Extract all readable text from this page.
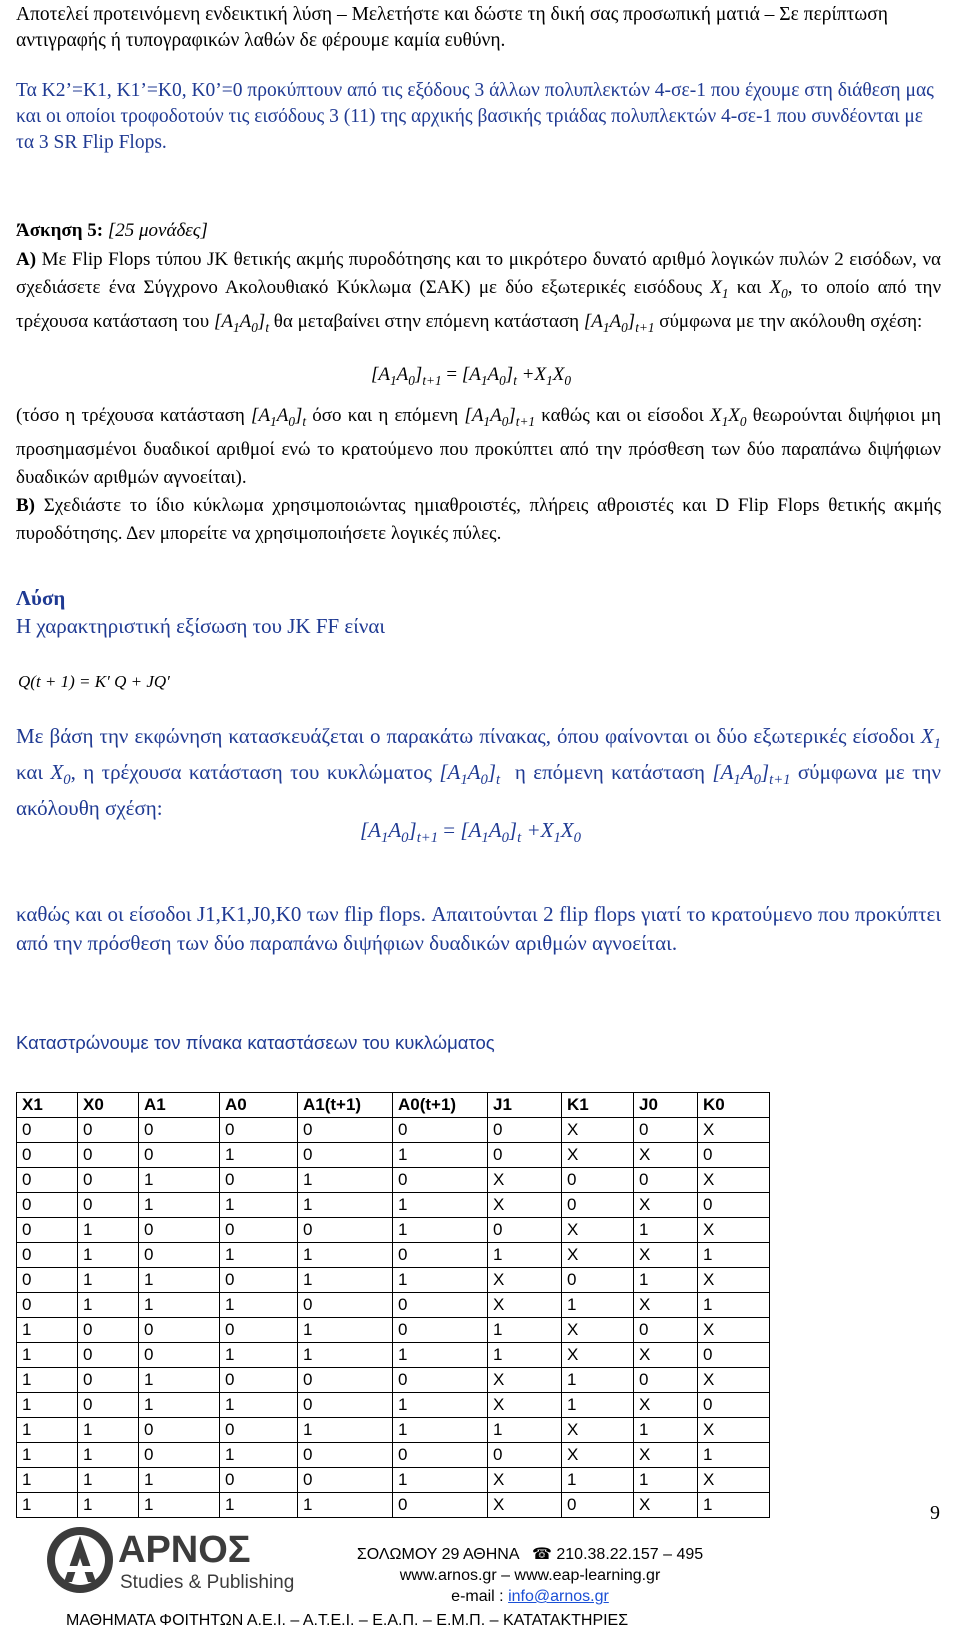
Αποτελεί προτεινόμενη ενδεικτική λύση – Μελετήστε και δώστε τη δική σας προσωπική ματιά – Σε περίπτωση αντιγραφής ή τυπογραφικών λαθών δε φέρουμε καμία ευθύνη.

Τα K2’=K1, K1’=K0, K0’=0 προκύπτουν από τις εξόδους 3 άλλων πολυπλεκτών 4-σε-1 που έχουμε στη διάθεση μας και οι οποίοι τροφοδοτούν τις εισόδους 3 (11) της αρχικής βασικής τριάδας πολυπλεκτών 4-σε-1 που συνδέονται με τα 3 SR Flip Flops.

Άσκηση 5: [25 μονάδες]

Α) Με Flip Flops τύπου JK θετικής ακμής πυροδότησης και το μικρότερο δυνατό αριθμό λογικών πυλών 2 εισόδων, να σχεδιάσετε ένα Σύγχρονο Ακολουθιακό Κύκλωμα (ΣΑΚ) με δύο εξωτερικές εισόδους $X_1$ και $X_0$, το οποίο από την τρέχουσα κατάσταση του $[A_1A_0]_t$ θα μεταβαίνει στην επόμενη κατάσταση $[A_1A_0]_{t+1}$ σύμφωνα με την ακόλουθη σχέση:

$[A_1A_0]_{t+1} = [A_1A_0]_t +X_1X_0$

(τόσο η τρέχουσα κατάσταση $[A_1A_0]_t$ όσο και η επόμενη $[A_1A_0]_{t+1}$ καθώς και οι είσοδοι $X_1X_0$ θεωρούνται διψήφιοι μη προσημασμένοι δυαδικοί αριθμοί ενώ το κρατούμενο που προκύπτει από την πρόσθεση των δύο παραπάνω διψήφιων δυαδικών αριθμών αγνοείται).

Β) Σχεδιάστε το ίδιο κύκλωμα χρησιμοποιώντας ημιαθροιστές, πλήρεις αθροιστές και D Flip Flops θετικής ακμής πυροδότησης. Δεν μπορείτε να χρησιμοποιήσετε λογικές πύλες.

Λύση

Η χαρακτηριστική εξίσωση του JK FF είναι

Q(t + 1) = K′ Q + JQ′

Με βάση την εκφώνηση κατασκευάζεται ο παρακάτω πίνακας, όπου φαίνονται οι δύο εξωτερικές είσοδοι $X_1$ και $X_0$, η τρέχουσα κατάσταση του κυκλώματος $[A_1A_0]_t$ η επόμενη κατάσταση $[A_1A_0]_{t+1}$ σύμφωνα με την ακόλουθη σχέση:

$[A_1A_0]_{t+1} = [A_1A_0]_t +X_1X_0$

καθώς και οι είσοδοι J1,K1,J0,K0 των flip flops. Απαιτούνται 2 flip flops γιατί το κρατούμενο που προκύπτει από την πρόσθεση των δύο παραπάνω διψήφιων δυαδικών αριθμών αγνοείται.

Καταστρώνουμε τον πίνακα καταστάσεων του κυκλώματος

X1	X0	A1	A0	A1(t+1)	A0(t+1)	J1	K1	J0	K0
0	0	0	0	0	0	0	X	0	X
0	0	0	1	0	1	0	X	X	0
0	0	1	0	1	0	X	0	0	X
0	0	1	1	1	1	X	0	X	0
0	1	0	0	0	1	0	X	1	X
0	1	0	1	1	0	1	X	X	1
0	1	1	0	1	1	X	0	1	X
0	1	1	1	0	0	X	1	X	1
1	0	0	0	1	0	1	X	0	X
1	0	0	1	1	1	1	X	X	0
1	0	1	0	0	0	X	1	0	X
1	0	1	1	0	1	X	1	X	0
1	1	0	0	1	1	1	X	1	X
1	1	0	1	0	0	0	X	X	1
1	1	1	0	0	1	X	1	1	X
1	1	1	1	1	0	X	0	X	1	9
ΑΡΝΟΣ
Studies & Publishing
ΣΟΛΩΜΟΥ 29 ΑΘΗΝΑ ☎ 210.38.22.157 – 495
www.arnos.gr – www.eap-learning.gr
e-mail : info@arnos.gr
ΜΑΘΗΜΑΤΑ ΦΟΙΤΗΤΩΝ Α.Ε.Ι. – Α.Τ.Ε.Ι. – Ε.Α.Π. – Ε.Μ.Π. – ΚΑΤΑΤΑΚΤΗΡΙΕΣ
